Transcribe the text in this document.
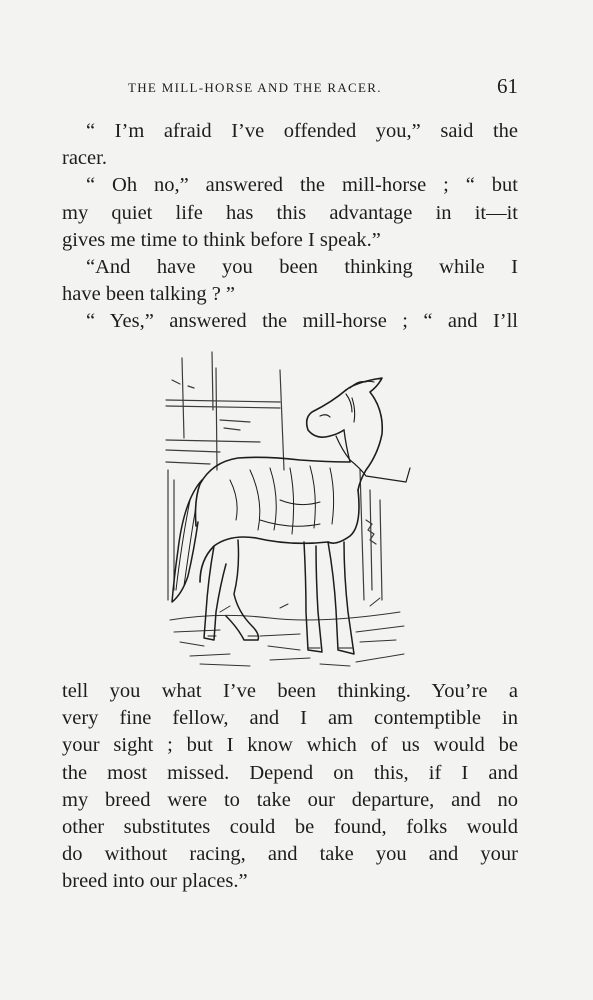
THE MILL-HORSE AND THE RACER.	61
“ I’m afraid I’ve offended you,” said the
racer.
“ Oh no,” answered the mill-horse ; “ but
my quiet life has this advantage in it—it
gives me time to think before I speak.”
“And have you been thinking while I
have been talking ? ”
“ Yes,” answered the mill-horse ; “ and I’ll
tell you what I’ve been thinking. You’re a
very fine fellow, and I am contemptible in
your sight ; but I know which of us would be
the most missed. Depend on this, if I and
my breed were to take our departure, and no
other substitutes could be found, folks would
do without racing, and take you and your
breed into our places.”
